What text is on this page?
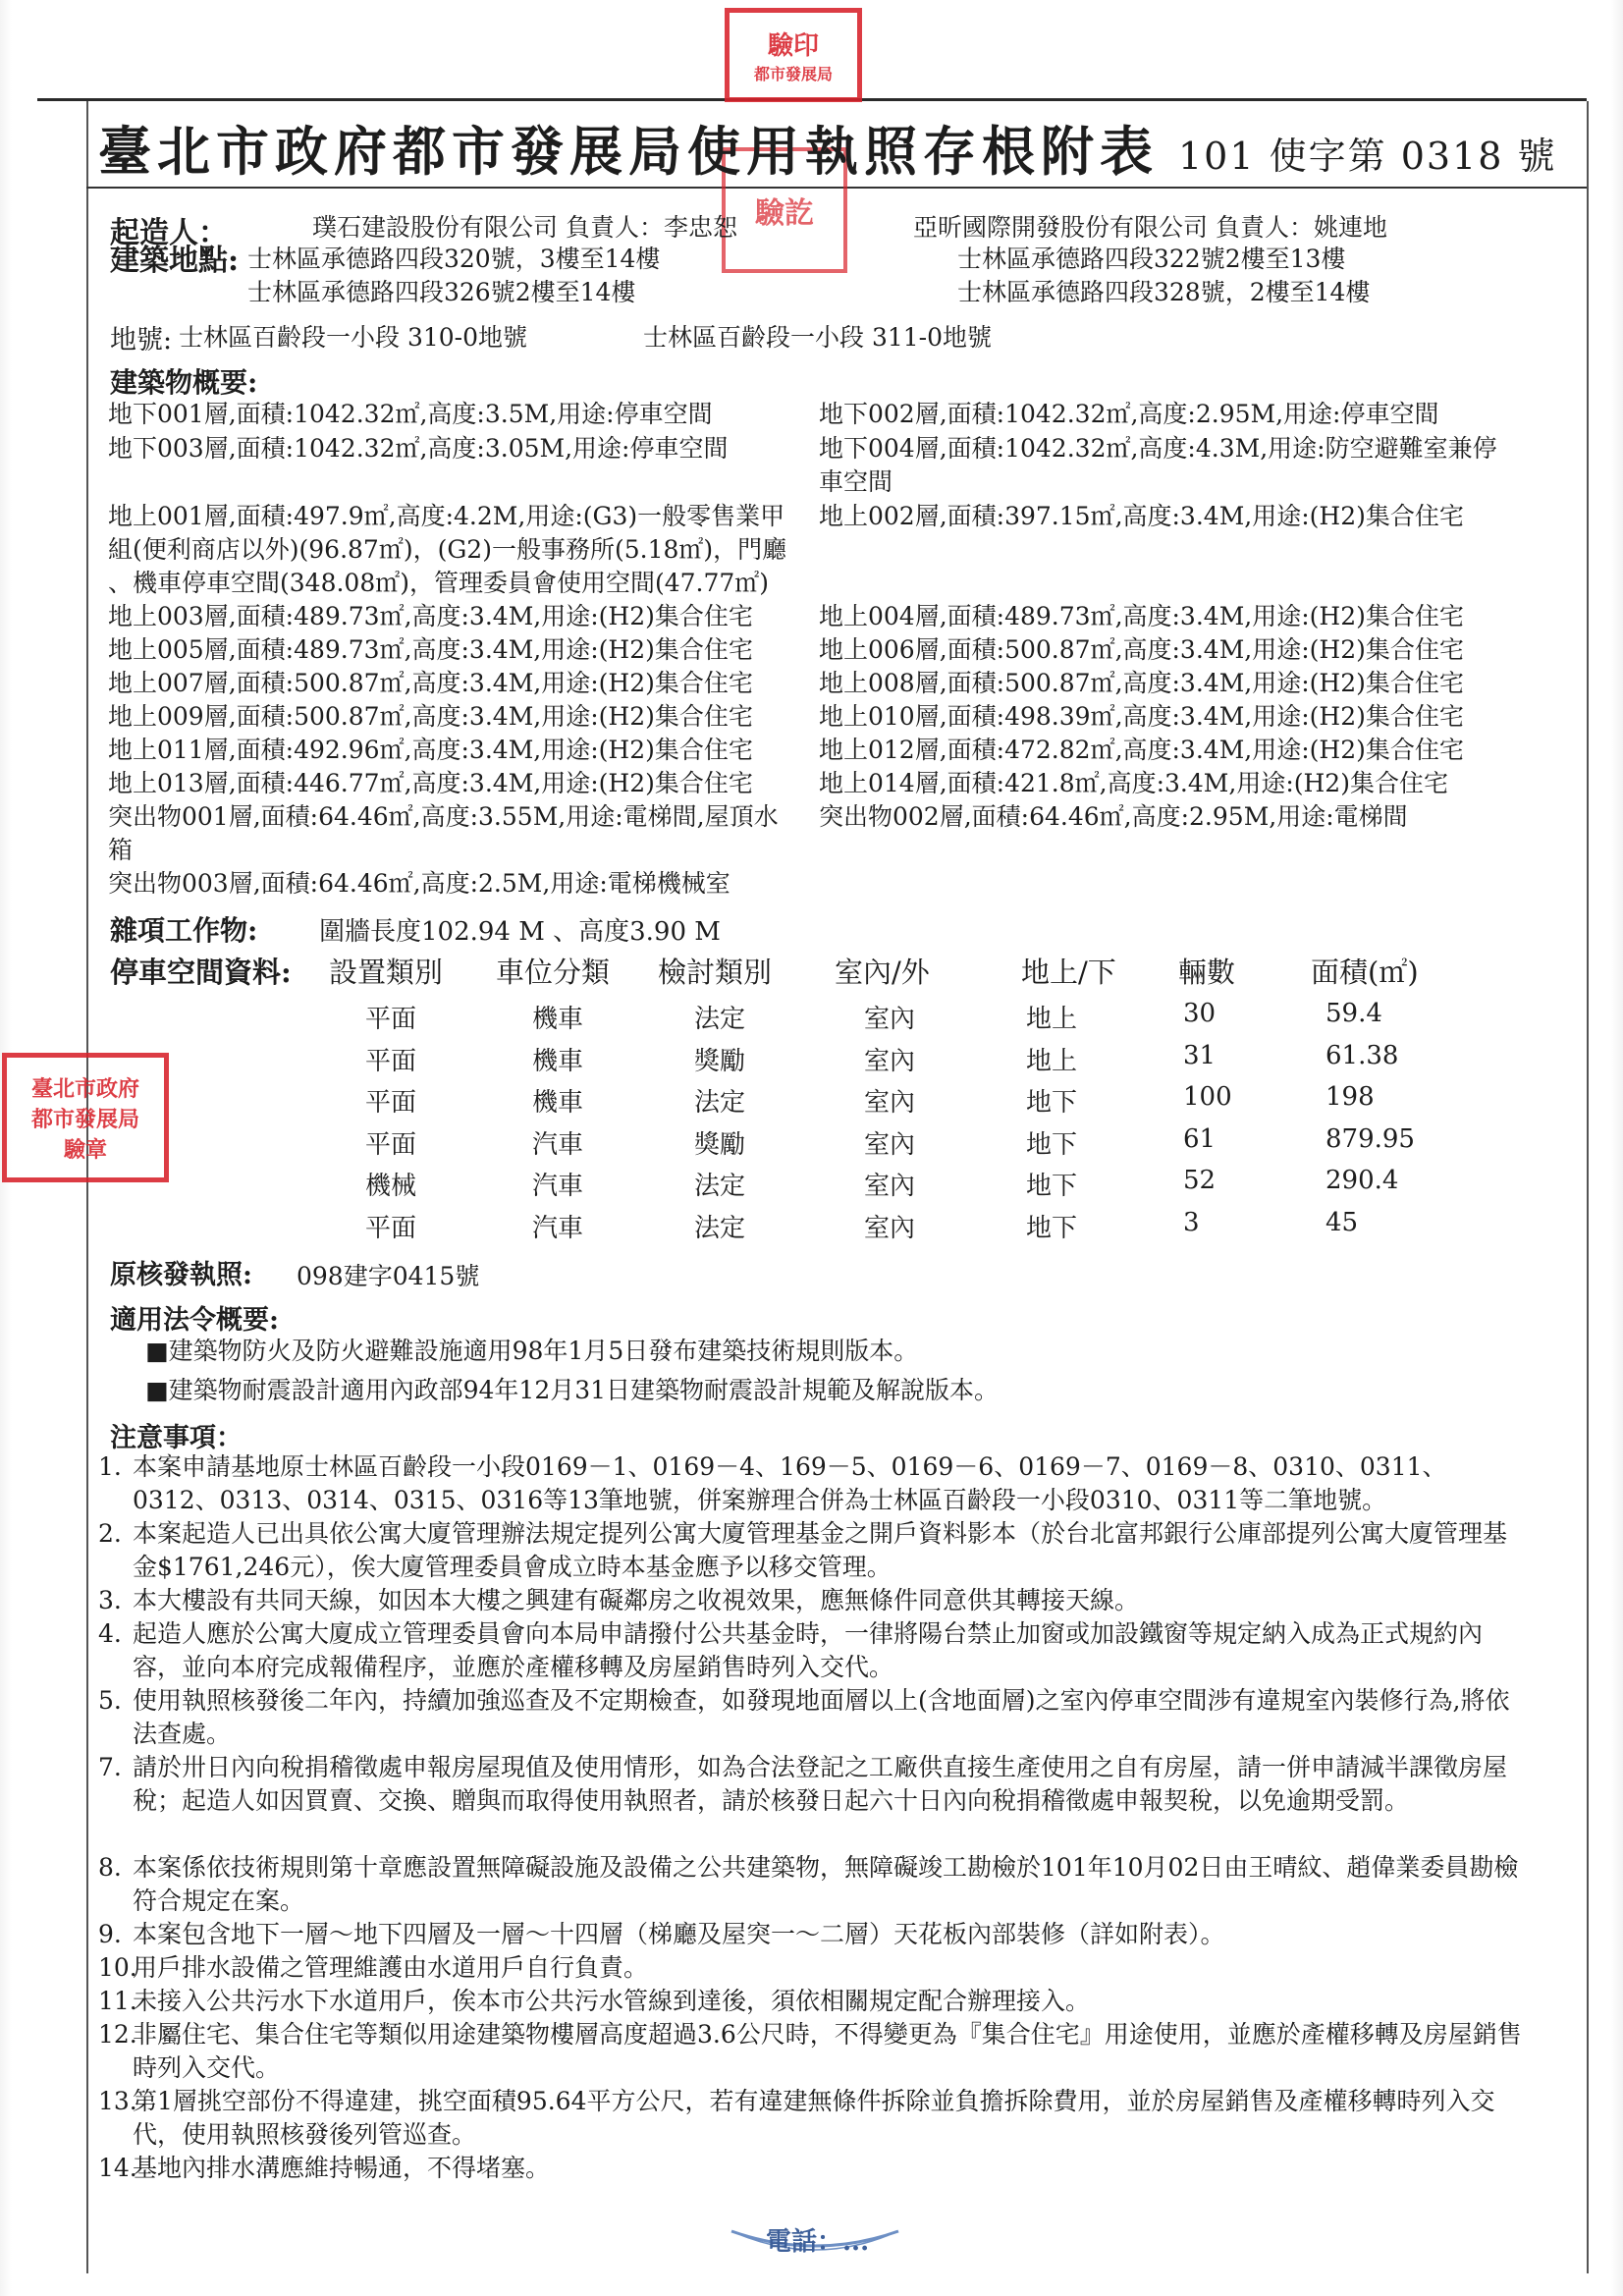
驗印
都市發展局
驗訖
臺北市政府
都市發展局
驗章
臺北市政府都市發展局使用執照存根附表 101 使字第 0318 號
起造人：	璞石建設股份有限公司 負責人：李忠恕	亞昕國際開發股份有限公司 負責人：姚連地
建築地點: 士林區承德路四段320號，3樓至14樓	士林區承德路四段322號2樓至13樓
士林區承德路四段326號2樓至14樓	士林區承德路四段328號，2樓至14樓
地號: 士林區百齡段一小段 310-0地號	士林區百齡段一小段 311-0地號
建築物概要:
地下001層,面積:1042.32㎡,高度:3.5M,用途:停車空間	地下002層,面積:1042.32㎡,高度:2.95M,用途:停車空間
地下003層,面積:1042.32㎡,高度:3.05M,用途:停車空間	地下004層,面積:1042.32㎡,高度:4.3M,用途:防空避難室兼停
車空間
地上001層,面積:497.9㎡,高度:4.2M,用途:(G3)一般零售業甲
組(便利商店以外)(96.87㎡)，(G2)一般事務所(5.18㎡)，門廳
、機車停車空間(348.08㎡)，管理委員會使用空間(47.77㎡)
地上002層,面積:397.15㎡,高度:3.4M,用途:(H2)集合住宅
地上003層,面積:489.73㎡,高度:3.4M,用途:(H2)集合住宅	地上004層,面積:489.73㎡,高度:3.4M,用途:(H2)集合住宅
地上005層,面積:489.73㎡,高度:3.4M,用途:(H2)集合住宅	地上006層,面積:500.87㎡,高度:3.4M,用途:(H2)集合住宅
地上007層,面積:500.87㎡,高度:3.4M,用途:(H2)集合住宅	地上008層,面積:500.87㎡,高度:3.4M,用途:(H2)集合住宅
地上009層,面積:500.87㎡,高度:3.4M,用途:(H2)集合住宅	地上010層,面積:498.39㎡,高度:3.4M,用途:(H2)集合住宅
地上011層,面積:492.96㎡,高度:3.4M,用途:(H2)集合住宅	地上012層,面積:472.82㎡,高度:3.4M,用途:(H2)集合住宅
地上013層,面積:446.77㎡,高度:3.4M,用途:(H2)集合住宅	地上014層,面積:421.8㎡,高度:3.4M,用途:(H2)集合住宅
突出物001層,面積:64.46㎡,高度:3.55M,用途:電梯間,屋頂水
箱
突出物002層,面積:64.46㎡,高度:2.95M,用途:電梯間
突出物003層,面積:64.46㎡,高度:2.5M,用途:電梯機械室
雜項工作物: 圍牆長度102.94 M 、高度3.90 M
停車空間資料: 設置類別 車位分類 檢討類別 室內/外	地上/下 輛數	面積(㎡)
平面	機車	法定	室內	地上	30	59.4
平面	機車	獎勵	室內	地上	31	61.38
平面	機車	法定	室內	地下	100	198
平面	汽車	獎勵	室內	地下	61	879.95
機械	汽車	法定	室內	地下	52	290.4
平面	汽車	法定	室內	地下	3	45
原核發執照: 098建字0415號
適用法令概要:
■建築物防火及防火避難設施適用98年1月5日發布建築技術規則版本。
■建築物耐震設計適用內政部94年12月31日建築物耐震設計規範及解說版本。
注意事項：
1. 本案申請基地原士林區百齡段一小段0169－1、0169－4、169－5、0169－6、0169－7、0169－8、0310、0311、0312、0313、0314、0315、0316等13筆地號，併案辦理合併為士林區百齡段一小段0310、0311等二筆地號。
2. 本案起造人已出具依公寓大廈管理辦法規定提列公寓大廈管理基金之開戶資料影本（於台北富邦銀行公庫部提列公寓大廈管理基金$1761,246元），俟大廈管理委員會成立時本基金應予以移交管理。
3. 本大樓設有共同天線，如因本大樓之興建有礙鄰房之收視效果，應無條件同意供其轉接天線。
4. 起造人應於公寓大廈成立管理委員會向本局申請撥付公共基金時，一律將陽台禁止加窗或加設鐵窗等規定納入成為正式規約內容，並向本府完成報備程序，並應於產權移轉及房屋銷售時列入交代。
5. 使用執照核發後二年內，持續加強巡查及不定期檢查，如發現地面層以上(含地面層)之室內停車空間涉有違規室內裝修行為,將依法查處。
7. 請於卅日內向稅捐稽徵處申報房屋現值及使用情形，如為合法登記之工廠供直接生產使用之自有房屋，請一併申請減半課徵房屋稅；起造人如因買賣、交換、贈與而取得使用執照者，請於核發日起六十日內向稅捐稽徵處申報契稅，以免逾期受罰。
8. 本案係依技術規則第十章應設置無障礙設施及設備之公共建築物，無障礙竣工勘檢於101年10月02日由王晴紋、趙偉業委員勘檢符合規定在案。
9. 本案包含地下一層～地下四層及一層～十四層（梯廳及屋突一～二層）天花板內部裝修（詳如附表）。
10.
用戶排水設備之管理維護由水道用戶自行負責。
11.
未接入公共污水下水道用戶，俟本市公共污水管線到達後，須依相關規定配合辦理接入。
12.
非屬住宅、集合住宅等類似用途建築物樓層高度超過3.6公尺時，不得變更為『集合住宅』用途使用，並應於產權移轉及房屋銷售時列入交代。
13.
第1層挑空部份不得違建，挑空面積95.64平方公尺，若有違建無條件拆除並負擔拆除費用，並於房屋銷售及產權移轉時列入交代，使用執照核發後列管巡查。
14.
基地內排水溝應維持暢通，不得堵塞。
電話：...
